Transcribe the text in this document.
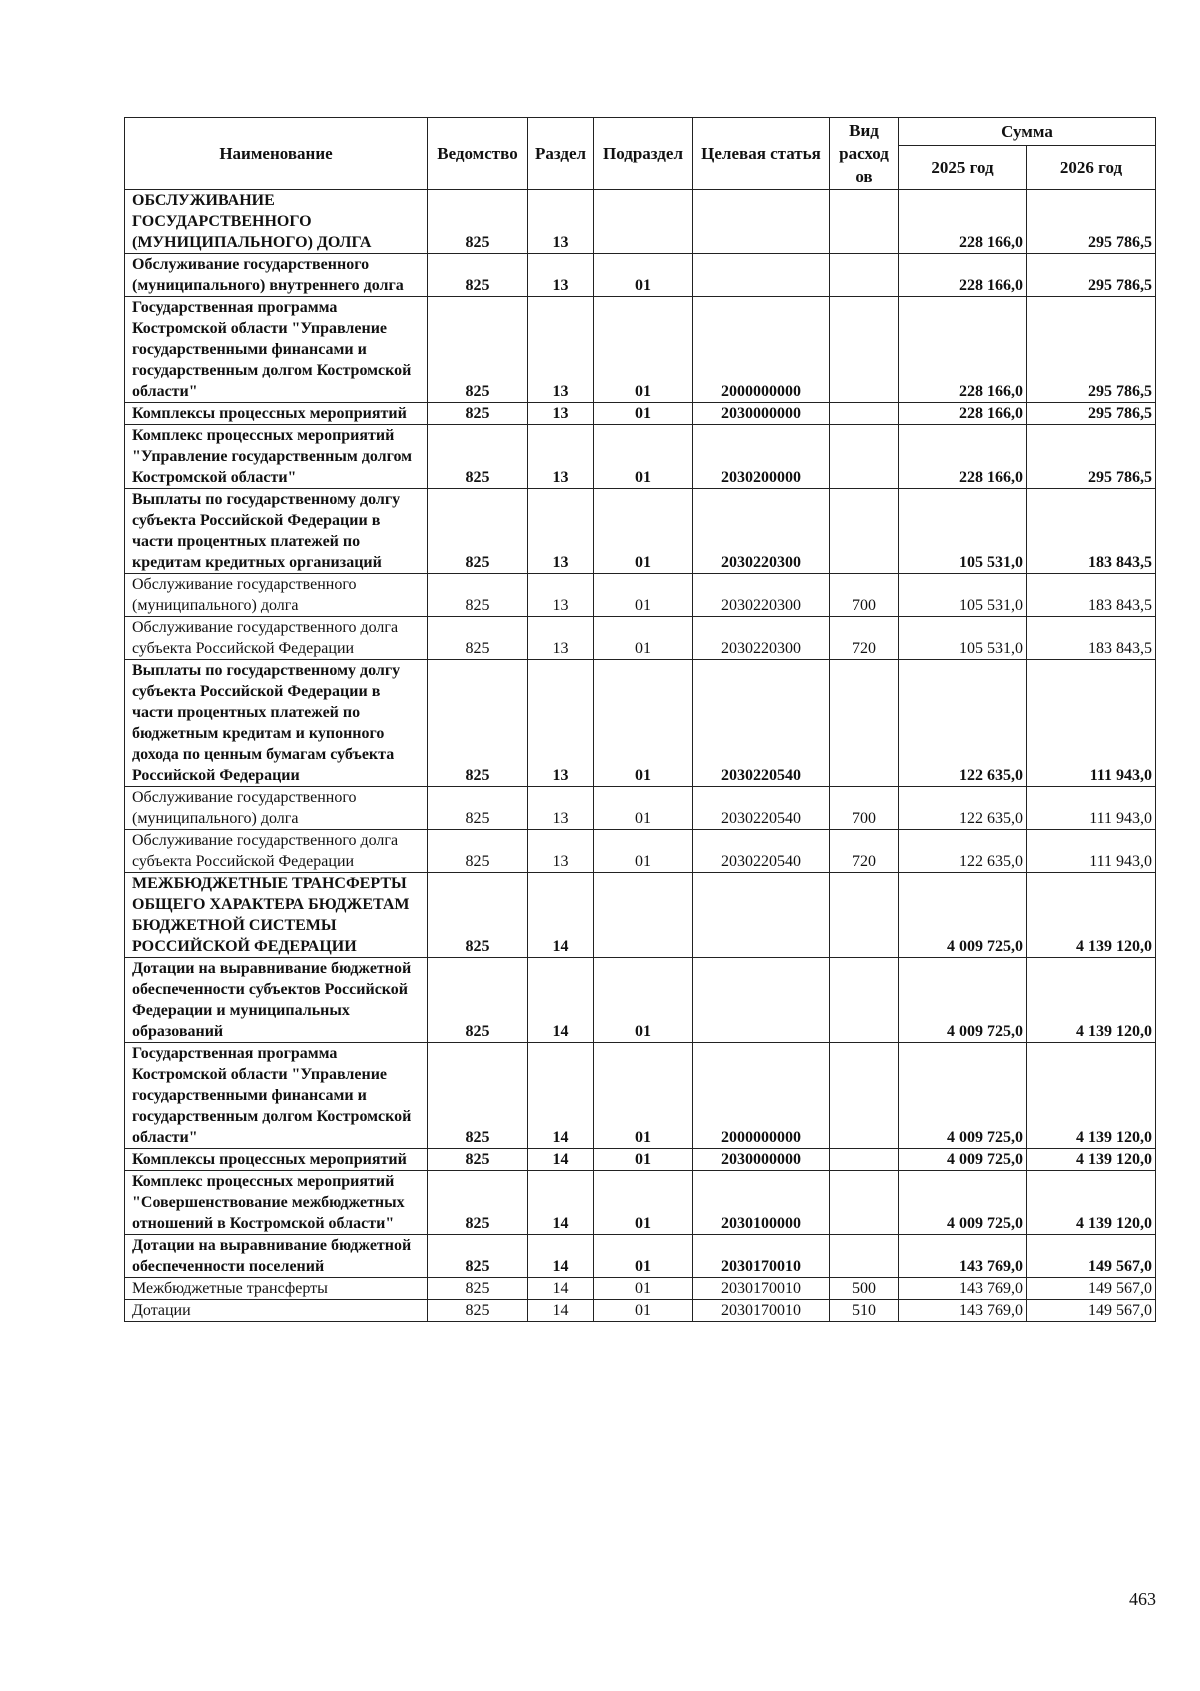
Наименование	Ведомство	Раздел	Подраздел	Целевая статья	Вид расход ов	Сумма	
						2025 год	2026 год
ОБСЛУЖИВАНИЕ ГОСУДАРСТВЕННОГО (МУНИЦИПАЛЬНОГО) ДОЛГА	825	13				228 166,0	295 786,5
Обслуживание государственного (муниципального) внутреннего долга	825	13	01			228 166,0	295 786,5
Государственная программа Костромской области "Управление государственными финансами и государственным долгом Костромской области"	825	13	01	2000000000		228 166,0	295 786,5
Комплексы процессных мероприятий	825	13	01	2030000000		228 166,0	295 786,5
Комплекс процессных мероприятий "Управление государственным долгом Костромской области"	825	13	01	2030200000		228 166,0	295 786,5
Выплаты по государственному долгу субъекта Российской Федерации в части процентных платежей по кредитам кредитных организаций	825	13	01	2030220300		105 531,0	183 843,5
Обслуживание государственного (муниципального) долга	825	13	01	2030220300	700	105 531,0	183 843,5
Обслуживание государственного долга субъекта Российской Федерации	825	13	01	2030220300	720	105 531,0	183 843,5
Выплаты по государственному долгу субъекта Российской Федерации в части процентных платежей по бюджетным кредитам и купонного дохода по ценным бумагам субъекта Российской Федерации	825	13	01	2030220540		122 635,0	111 943,0
Обслуживание государственного (муниципального) долга	825	13	01	2030220540	700	122 635,0	111 943,0
Обслуживание государственного долга субъекта Российской Федерации	825	13	01	2030220540	720	122 635,0	111 943,0
МЕЖБЮДЖЕТНЫЕ ТРАНСФЕРТЫ ОБЩЕГО ХАРАКТЕРА БЮДЖЕТАМ БЮДЖЕТНОЙ СИСТЕМЫ РОССИЙСКОЙ ФЕДЕРАЦИИ	825	14				4 009 725,0	4 139 120,0
Дотации на выравнивание бюджетной обеспеченности субъектов Российской Федерации и муниципальных образований	825	14	01			4 009 725,0	4 139 120,0
Государственная программа Костромской области "Управление государственными финансами и государственным долгом Костромской области"	825	14	01	2000000000		4 009 725,0	4 139 120,0
Комплексы процессных мероприятий	825	14	01	2030000000		4 009 725,0	4 139 120,0
Комплекс процессных мероприятий "Совершенствование межбюджетных отношений в Костромской области"	825	14	01	2030100000		4 009 725,0	4 139 120,0
Дотации на выравнивание бюджетной обеспеченности поселений	825	14	01	2030170010		143 769,0	149 567,0
Межбюджетные трансферты	825	14	01	2030170010	500	143 769,0	149 567,0
Дотации	825	14	01	2030170010	510	143 769,0	149 567,0
463
